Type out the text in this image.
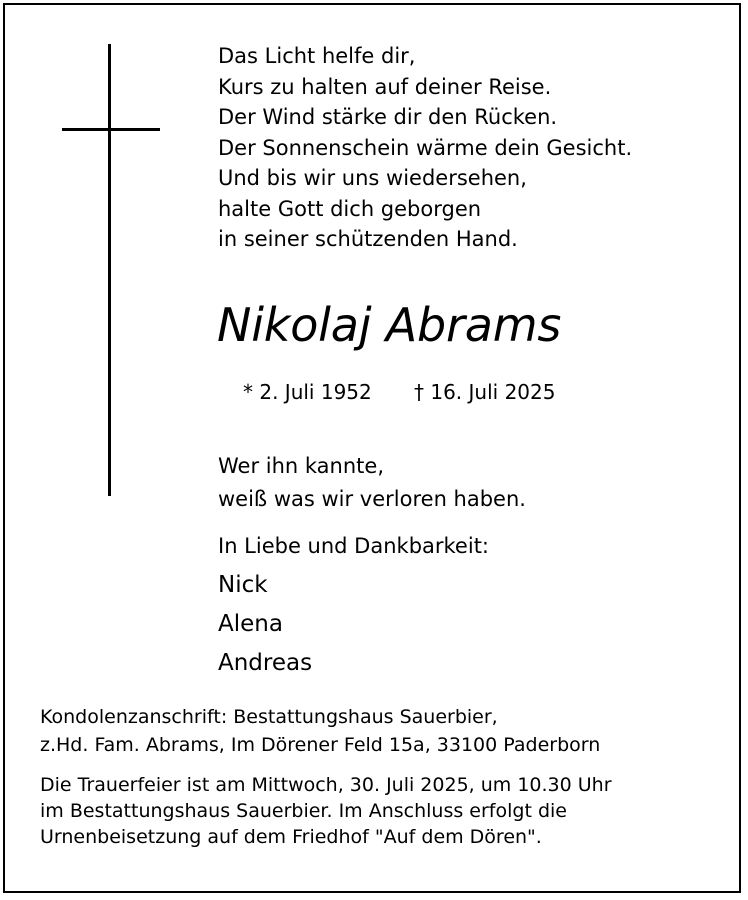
Das Licht helfe dir,
Kurs zu halten auf deiner Reise.
Der Wind stärke dir den Rücken.
Der Sonnenschein wärme dein Gesicht.
Und bis wir uns wiedersehen,
halte Gott dich geborgen
in seiner schützenden Hand.
Nikolaj Abrams
* 2. Juli 1952 † 16. Juli 2025
Wer ihn kannte,
weiß was wir verloren haben.
In Liebe und Dankbarkeit:
Nick
Alena
Andreas
Kondolenzanschrift: Bestattungshaus Sauerbier,
z.Hd. Fam. Abrams, Im Dörener Feld 15a, 33100 Paderborn
Die Trauerfeier ist am Mittwoch, 30. Juli 2025, um 10.30 Uhr
im Bestattungshaus Sauerbier. Im Anschluss erfolgt die
Urnenbeisetzung auf dem Friedhof "Auf dem Dören".
